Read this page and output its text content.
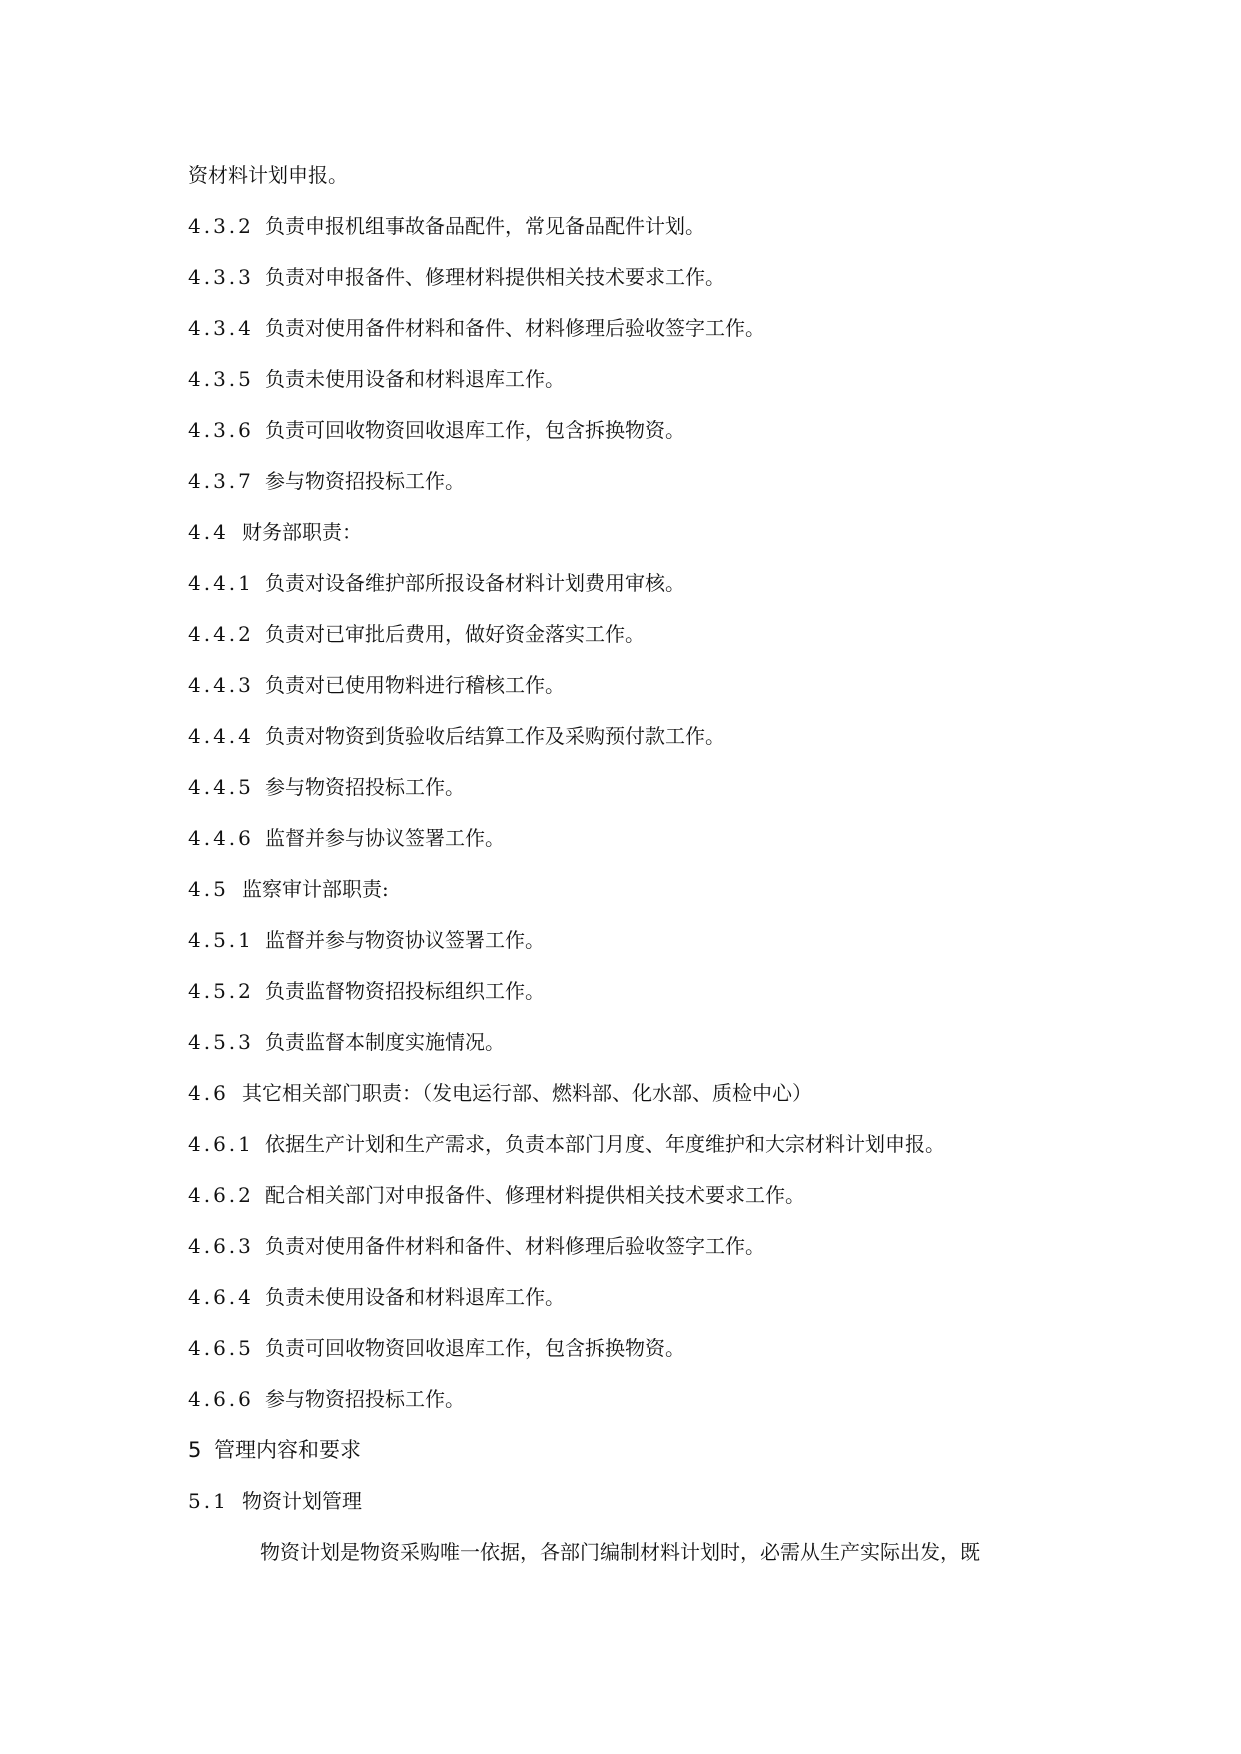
资材料计划申报。
4.3.2 负责申报机组事故备品配件，常见备品配件计划。
4.3.3 负责对申报备件、修理材料提供相关技术要求工作。
4.3.4 负责对使用备件材料和备件、材料修理后验收签字工作。
4.3.5 负责未使用设备和材料退库工作。
4.3.6 负责可回收物资回收退库工作，包含拆换物资。
4.3.7 参与物资招投标工作。
4.4 财务部职责：
4.4.1 负责对设备维护部所报设备材料计划费用审核。
4.4.2 负责对已审批后费用，做好资金落实工作。
4.4.3 负责对已使用物料进行稽核工作。
4.4.4 负责对物资到货验收后结算工作及采购预付款工作。
4.4.5 参与物资招投标工作。
4.4.6 监督并参与协议签署工作。
4.5 监察审计部职责:
4.5.1 监督并参与物资协议签署工作。
4.5.2 负责监督物资招投标组织工作。
4.5.3 负责监督本制度实施情况。
4.6 其它相关部门职责：（发电运行部、燃料部、化水部、质检中心）
4.6.1 依据生产计划和生产需求，负责本部门月度、年度维护和大宗材料计划申报。
4.6.2 配合相关部门对申报备件、修理材料提供相关技术要求工作。
4.6.3 负责对使用备件材料和备件、材料修理后验收签字工作。
4.6.4 负责未使用设备和材料退库工作。
4.6.5 负责可回收物资回收退库工作，包含拆换物资。
4.6.6 参与物资招投标工作。
5 管理内容和要求
5.1 物资计划管理
物资计划是物资采购唯一依据，各部门编制材料计划时，必需从生产实际出发，既
